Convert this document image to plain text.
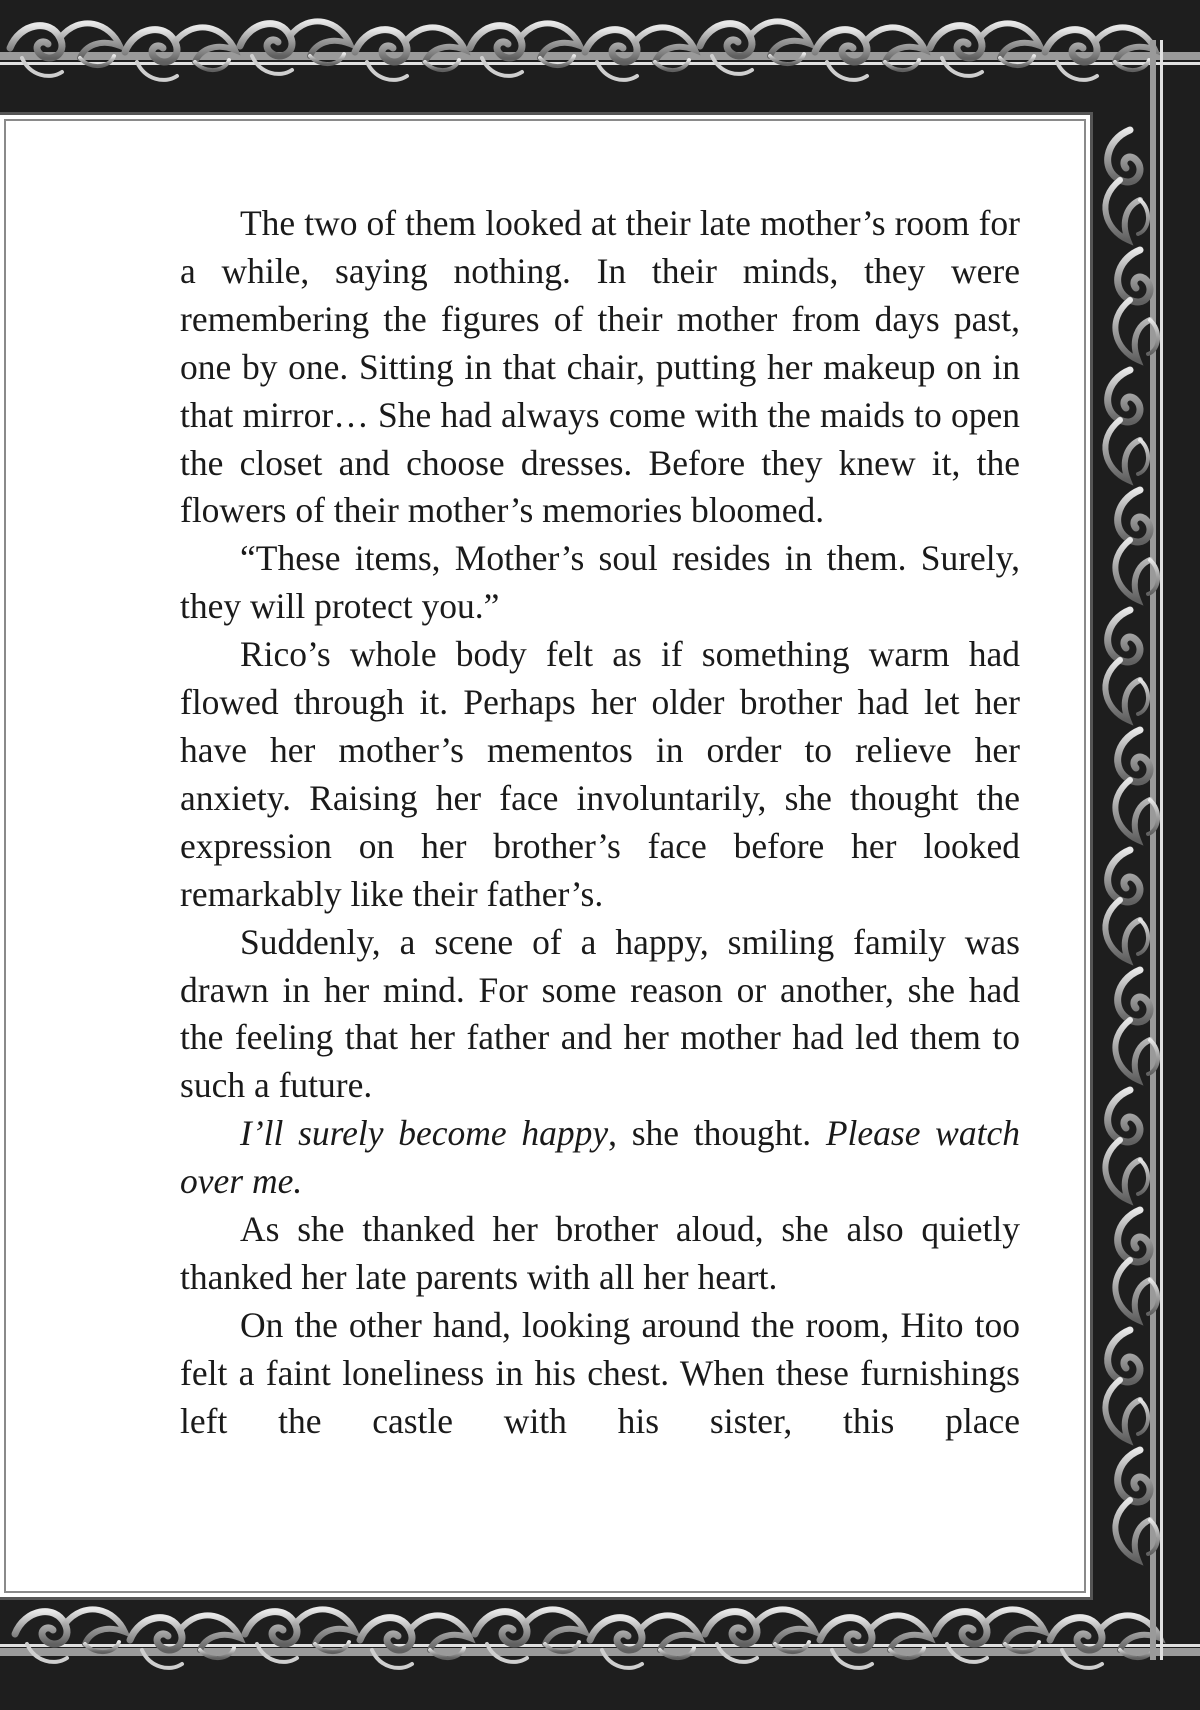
The two of them looked at their late mother’s room for a while, saying nothing. In their minds, they were remembering the figures of their mother from days past, one by one. Sitting in that chair, putting her makeup on in that mirror… She had always come with the maids to open the closet and choose dresses. Before they knew it, the flowers of their mother’s memories bloomed.

“These items, Mother’s soul resides in them. Surely, they will protect you.”

Rico’s whole body felt as if something warm had flowed through it. Perhaps her older brother had let her have her mother’s mementos in order to relieve her anxiety. Raising her face involuntarily, she thought the expression on her brother’s face before her looked remarkably like their father’s.

Suddenly, a scene of a happy, smiling family was drawn in her mind. For some reason or another, she had the feeling that her father and her mother had led them to such a future.

I’ll surely become happy, she thought. Please watch over me.

As she thanked her brother aloud, she also quietly thanked her late parents with all her heart.

On the other hand, looking around the room, Hito too felt a faint loneliness in his chest. When these furnishings left the castle with his sister, this place
